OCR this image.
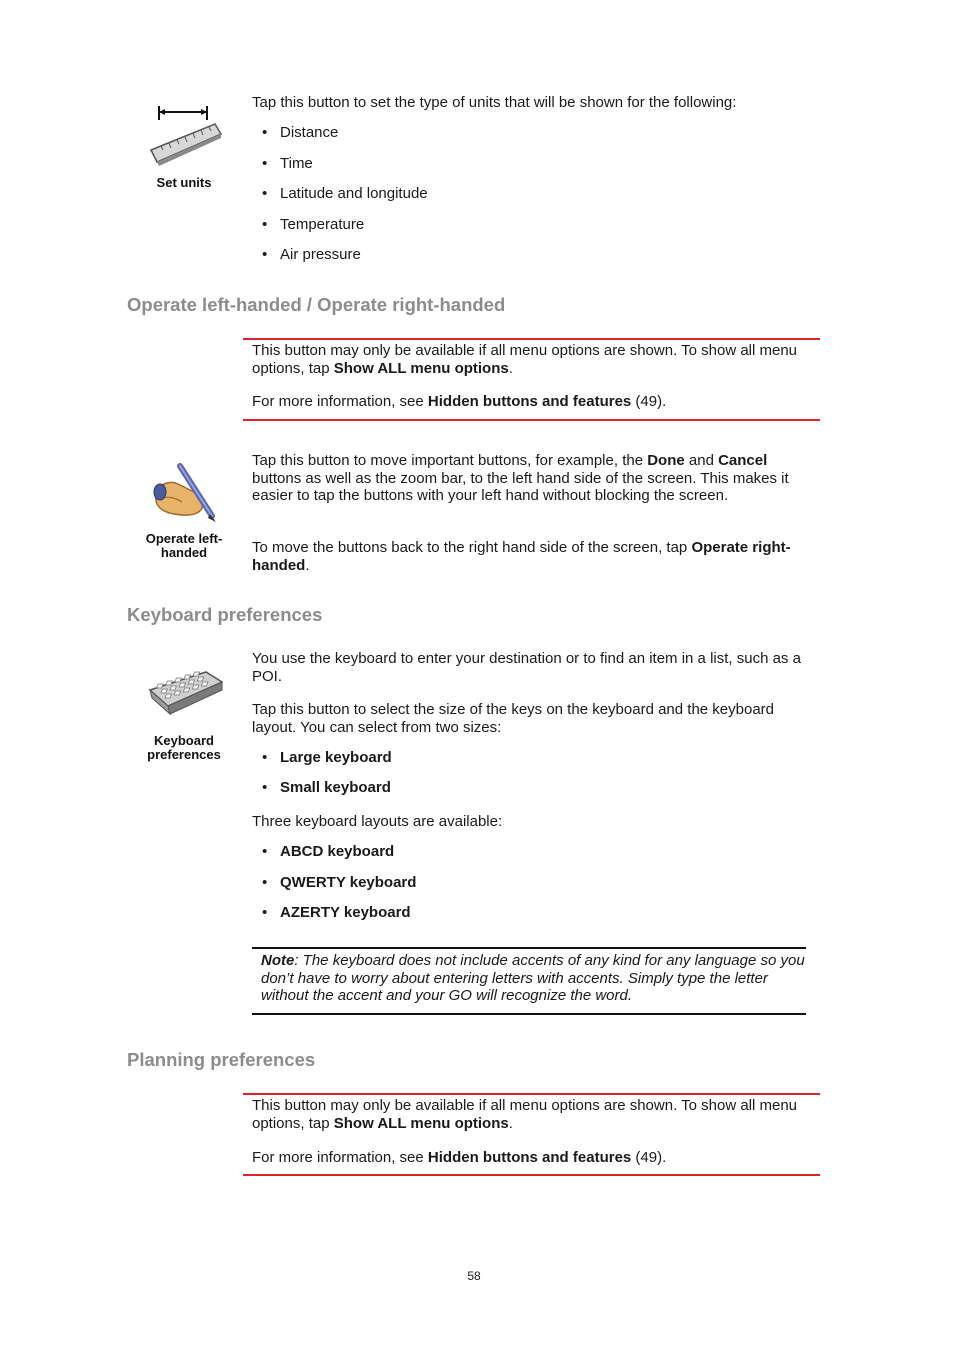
Set units
Tap this button to set the type of units that will be shown for the following:
• Distance
• Time
• Latitude and longitude
• Temperature
• Air pressure
Operate left-handed / Operate right-handed
This button may only be available if all menu options are shown. To show all menu options, tap Show ALL menu options.
For more information, see Hidden buttons and features (49).
Operate left-
handed
Tap this button to move important buttons, for example, the Done and Cancel buttons as well as the zoom bar, to the left hand side of the screen. This makes it easier to tap the buttons with your left hand without blocking the screen.
To move the buttons back to the right hand side of the screen, tap Operate right-handed.
Keyboard preferences
Keyboard
preferences
You use the keyboard to enter your destination or to find an item in a list, such as a POI.
Tap this button to select the size of the keys on the keyboard and the keyboard layout. You can select from two sizes:
• Large keyboard
• Small keyboard
Three keyboard layouts are available:
• ABCD keyboard
• QWERTY keyboard
• AZERTY keyboard
Note: The keyboard does not include accents of any kind for any language so you don’t have to worry about entering letters with accents. Simply type the letter without the accent and your GO will recognize the word.
Planning preferences
This button may only be available if all menu options are shown. To show all menu options, tap Show ALL menu options.
For more information, see Hidden buttons and features (49).
58
